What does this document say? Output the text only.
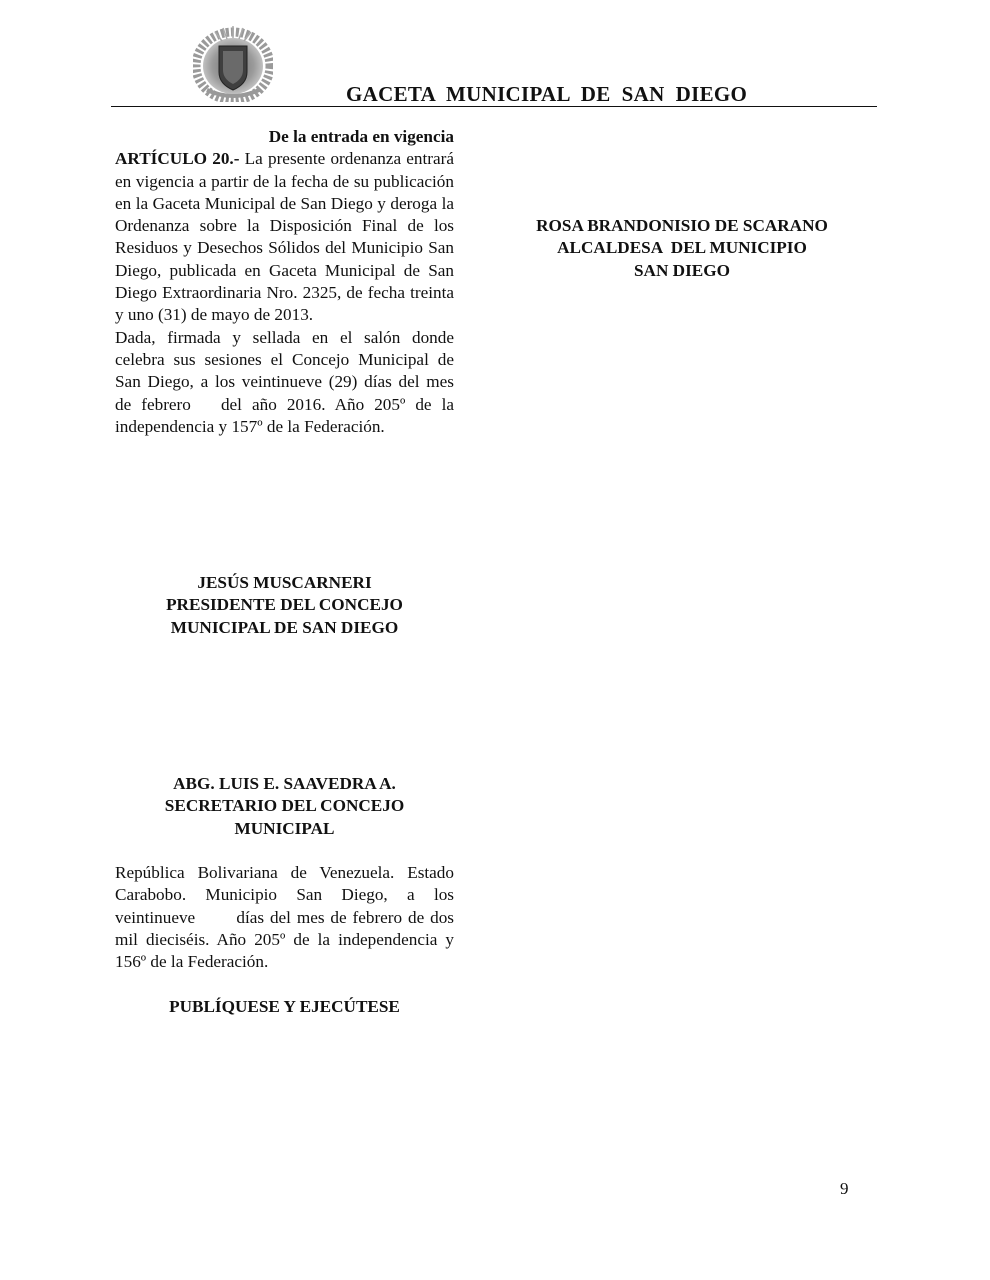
GACETA  MUNICIPAL  DE  SAN  DIEGO

De la entrada en vigencia

ARTÍCULO 20.- La presente ordenanza entrará en vigencia a partir de la fecha de su publicación en la Gaceta Municipal de San Diego y deroga la Ordenanza sobre la Disposición Final de los Residuos y Desechos Sólidos del Municipio San Diego, publicada en Gaceta Municipal de San Diego Extraordinaria Nro. 2325, de fecha treinta y uno (31) de mayo de 2013.

Dada, firmada y sellada en el salón donde celebra sus sesiones el Concejo Municipal de San Diego, a los veintinueve (29) días del mes de febrero   del año 2016. Año 205º de la independencia y 157º de la Federación.

ROSA BRANDONISIO DE SCARANO
ALCALDESA  DEL MUNICIPIO
SAN DIEGO
JESÚS MUSCARNERI
PRESIDENTE DEL CONCEJO
MUNICIPAL DE SAN DIEGO
ABG. LUIS E. SAAVEDRA A.
SECRETARIO DEL CONCEJO
MUNICIPAL

República Bolivariana de Venezuela. Estado Carabobo. Municipio San Diego, a los veintinueve       días del mes de febrero de dos mil dieciséis. Año 205º de la independencia y 156º de la Federación.

PUBLÍQUESE Y EJECÚTESE
9
